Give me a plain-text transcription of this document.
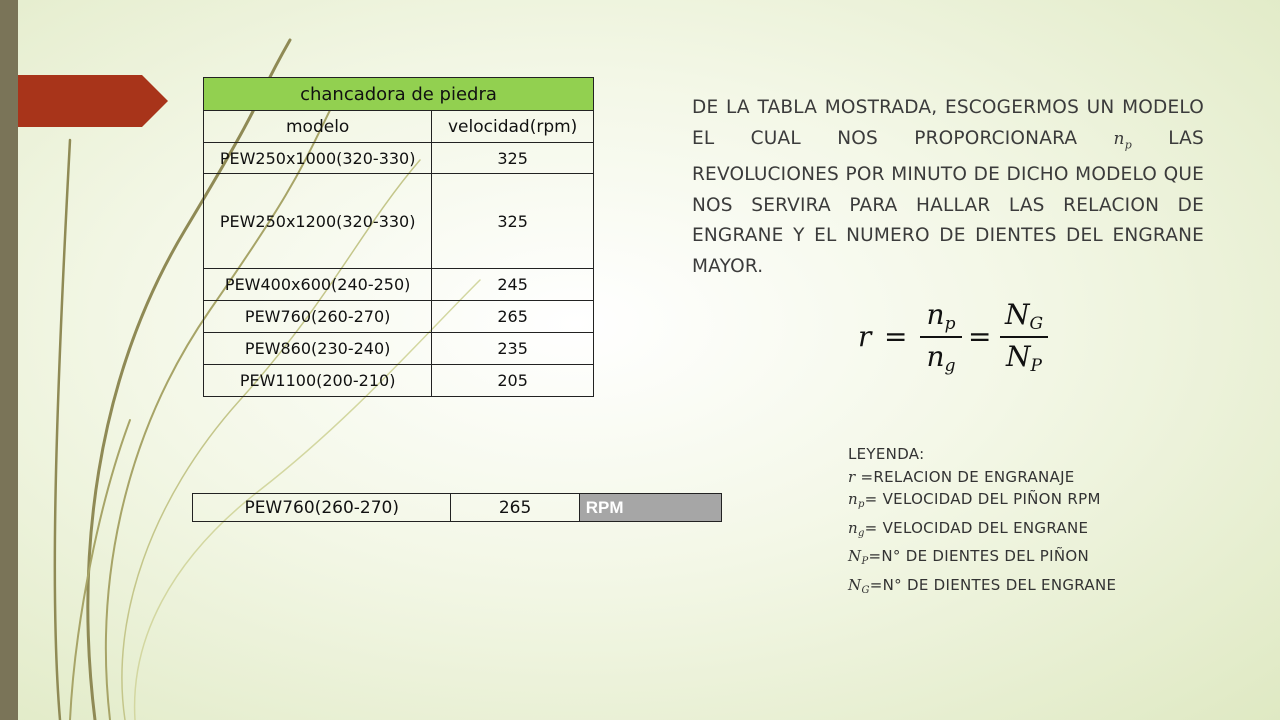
chancadora de piedra	
modelo	velocidad(rpm)
PEW250x1000(320-330)	325
PEW250x1200(320-330)	325
PEW400x600(240-250)	245
PEW760(260-270)	265
PEW860(230-240)	235
PEW1100(200-210)	205
PEW760(260-270)	265	RPM
DE LA TABLA MOSTRADA, ESCOGERMOS UN MODELO EL CUAL NOS PROPORCIONARA $n_p$ LAS REVOLUCIONES POR MINUTO DE DICHO MODELO QUE NOS SERVIRA PARA HALLAR LAS RELACION DE ENGRANE Y EL NUMERO DE DIENTES DEL ENGRANE MAYOR.
r =
$n_p$
$n_g$
=
$N_G$
$N_P$
LEYENDA:
r =RELACION DE ENGRANAJE
$n_p=$ VELOCIDAD DEL PIÑON RPM
$n_g=$ VELOCIDAD DEL ENGRANE
$N_P=N^\circ$ DE DIENTES DEL PIÑON
$N_G=N^\circ$ DE DIENTES DEL ENGRANE
